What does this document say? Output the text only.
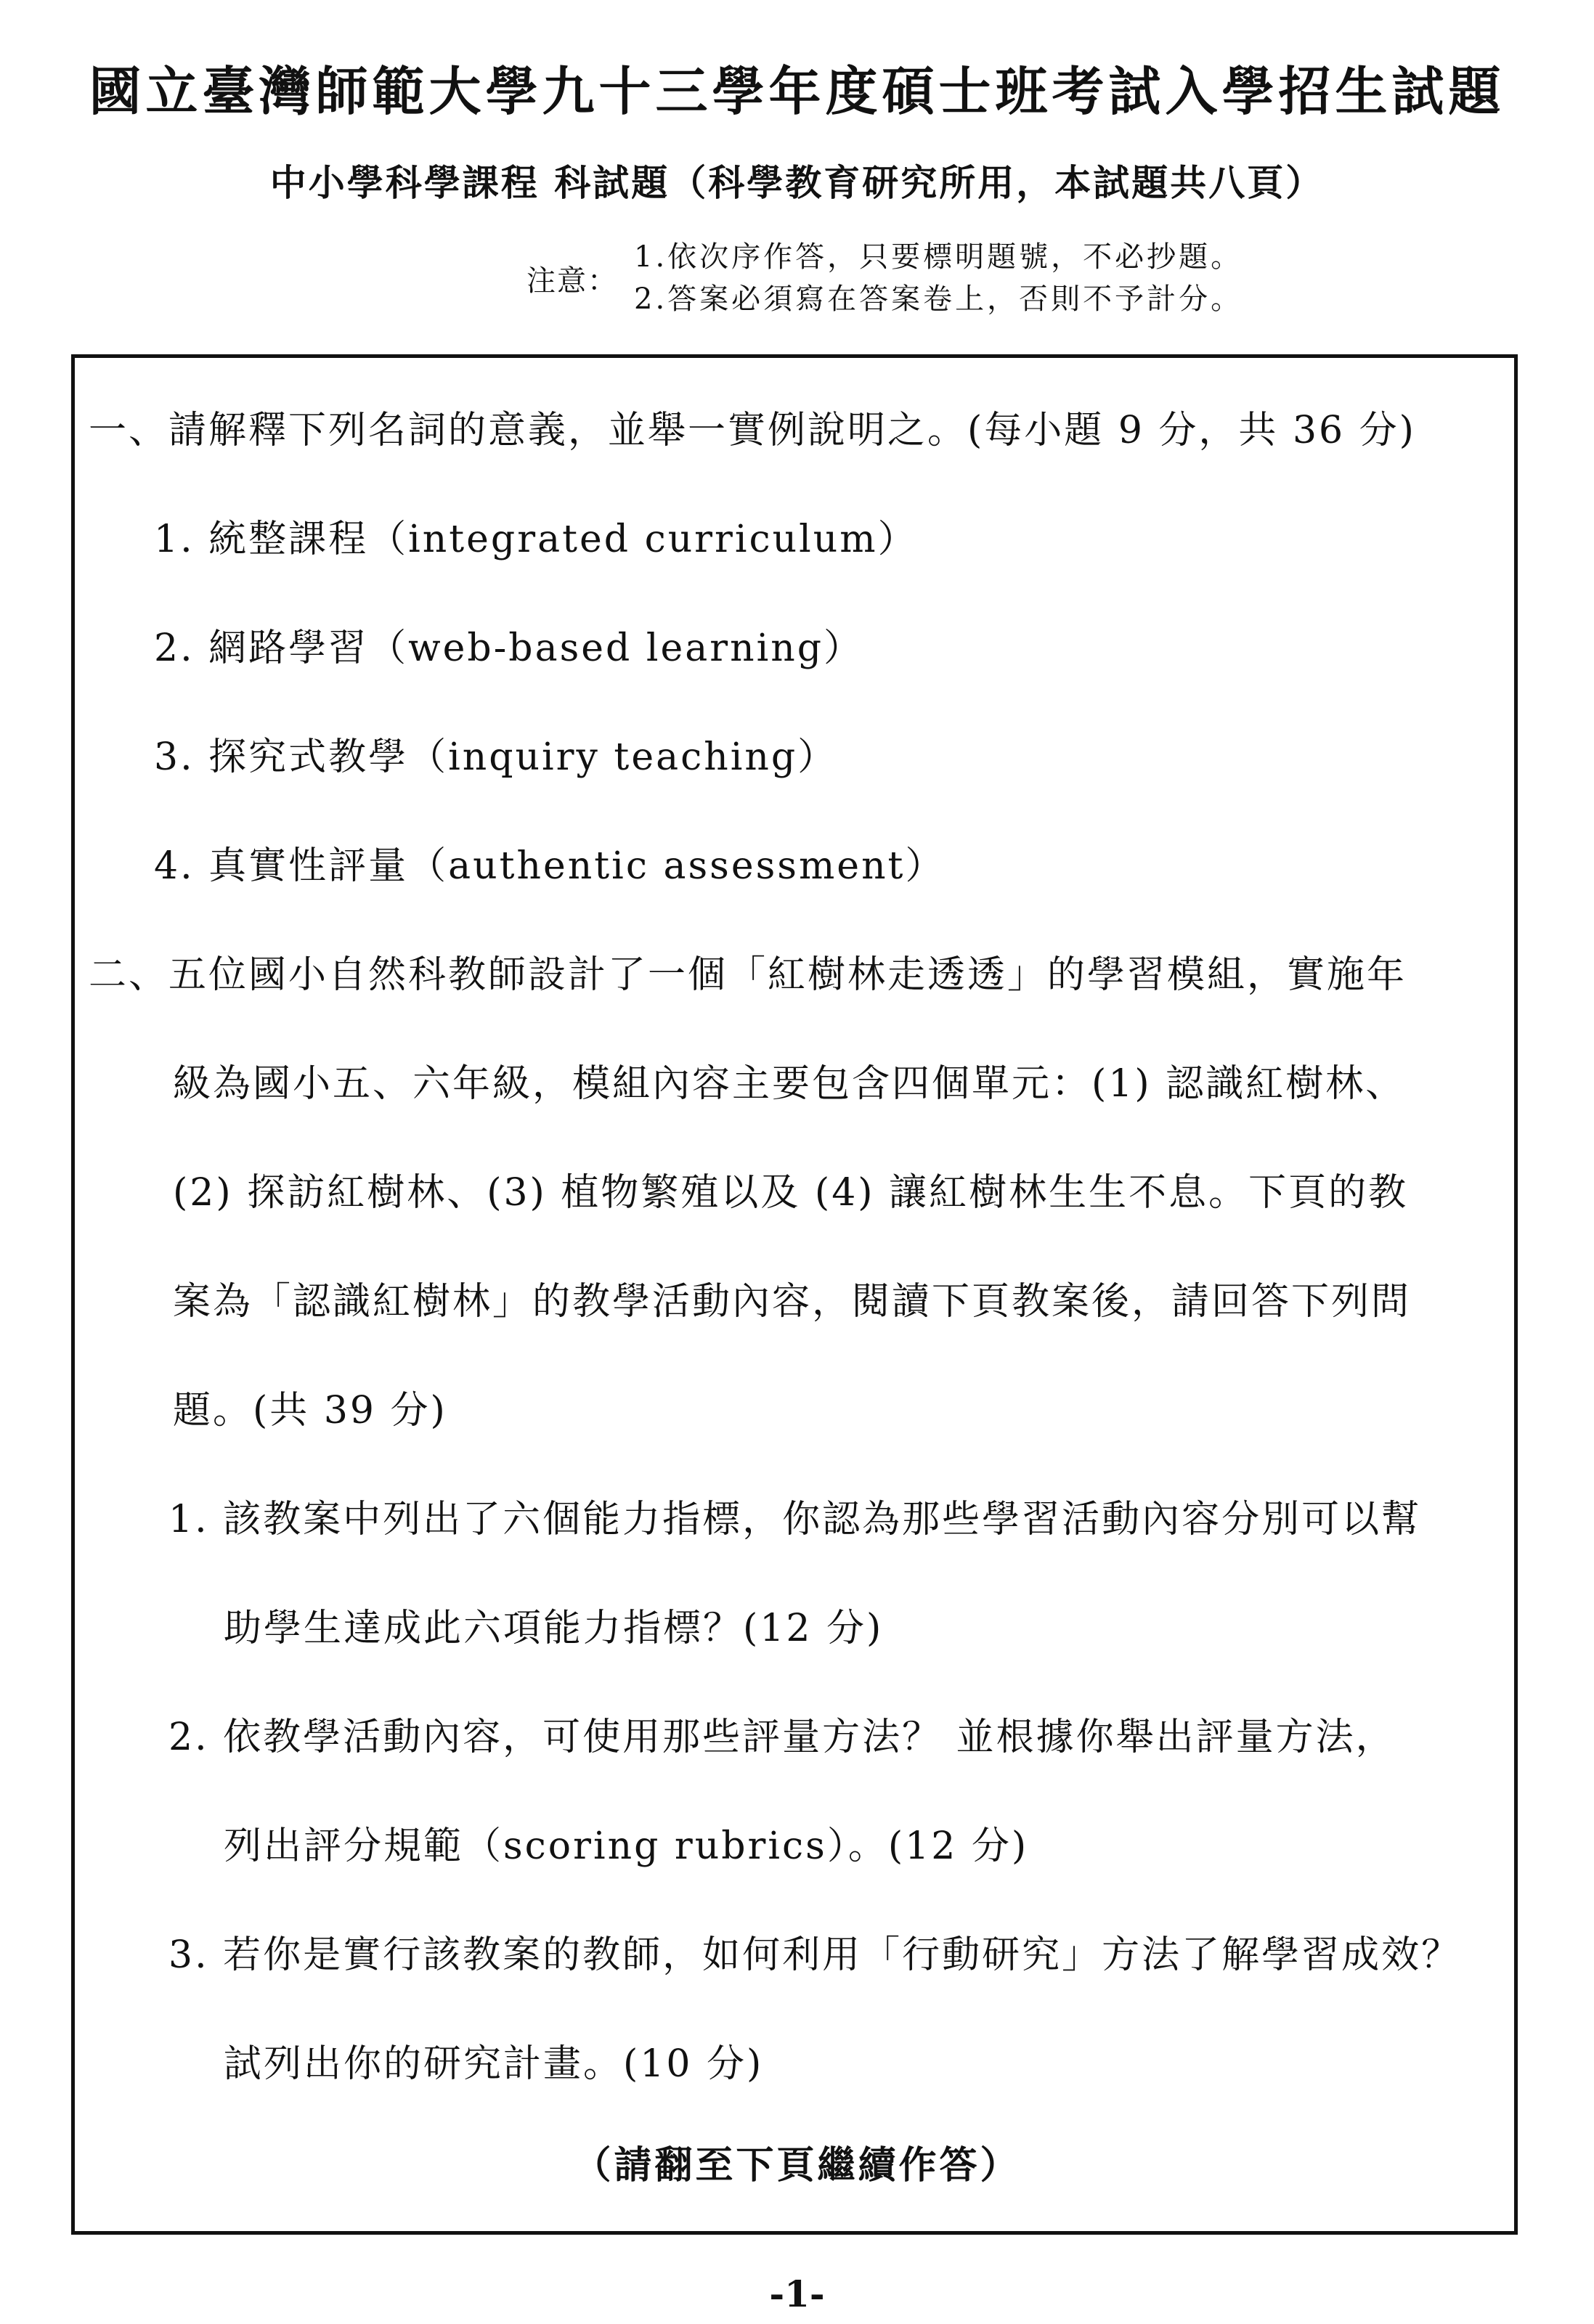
國立臺灣師範大學九十三學年度碩士班考試入學招生試題

中小學科學課程 科試題（科學教育研究所用，本試題共八頁）

注意：
1.依次序作答，只要標明題號，不必抄題。
2.答案必須寫在答案卷上，否則不予計分。

一、請解釋下列名詞的意義，並舉一實例說明之。(每小題 9 分，共 36 分)

1. 統整課程（integrated curriculum）

2. 網路學習（web-based learning）

3. 探究式教學（inquiry teaching）

4. 真實性評量（authentic assessment）

二、五位國小自然科教師設計了一個「紅樹林走透透」的學習模組，實施年

級為國小五、六年級，模組內容主要包含四個單元：(1) 認識紅樹林、

(2) 探訪紅樹林、(3) 植物繁殖以及 (4) 讓紅樹林生生不息。下頁的教

案為「認識紅樹林」的教學活動內容，閱讀下頁教案後，請回答下列問

題。(共 39 分)

1. 該教案中列出了六個能力指標，你認為那些學習活動內容分別可以幫

助學生達成此六項能力指標？(12 分)

2. 依教學活動內容，可使用那些評量方法？ 並根據你舉出評量方法，

列出評分規範（scoring rubrics）。(12 分)

3. 若你是實行該教案的教師，如何利用「行動研究」方法了解學習成效？

試列出你的研究計畫。(10 分)

（請翻至下頁繼續作答）
-1-
